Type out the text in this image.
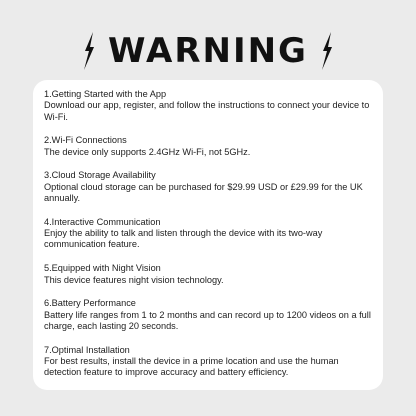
WARNING
1.Getting Started with the App
Download our app, register, and follow the instructions to connect your device to Wi-Fi.
2.Wi-Fi Connections
The device only supports 2.4GHz Wi-Fi, not 5GHz.
3.Cloud Storage Availability
Optional cloud storage can be purchased for $29.99 USD or £29.99 for the UK annually.
4.Interactive Communication
Enjoy the ability to talk and listen through the device with its two-way communication feature.
5.Equipped with Night Vision
This device features night vision technology.
6.Battery Performance
Battery life ranges from 1 to 2 months and can record up to 1200 videos on a full charge, each lasting 20 seconds.
7.Optimal Installation
For best results, install the device in a prime location and use the human detection feature to improve accuracy and battery efficiency.
